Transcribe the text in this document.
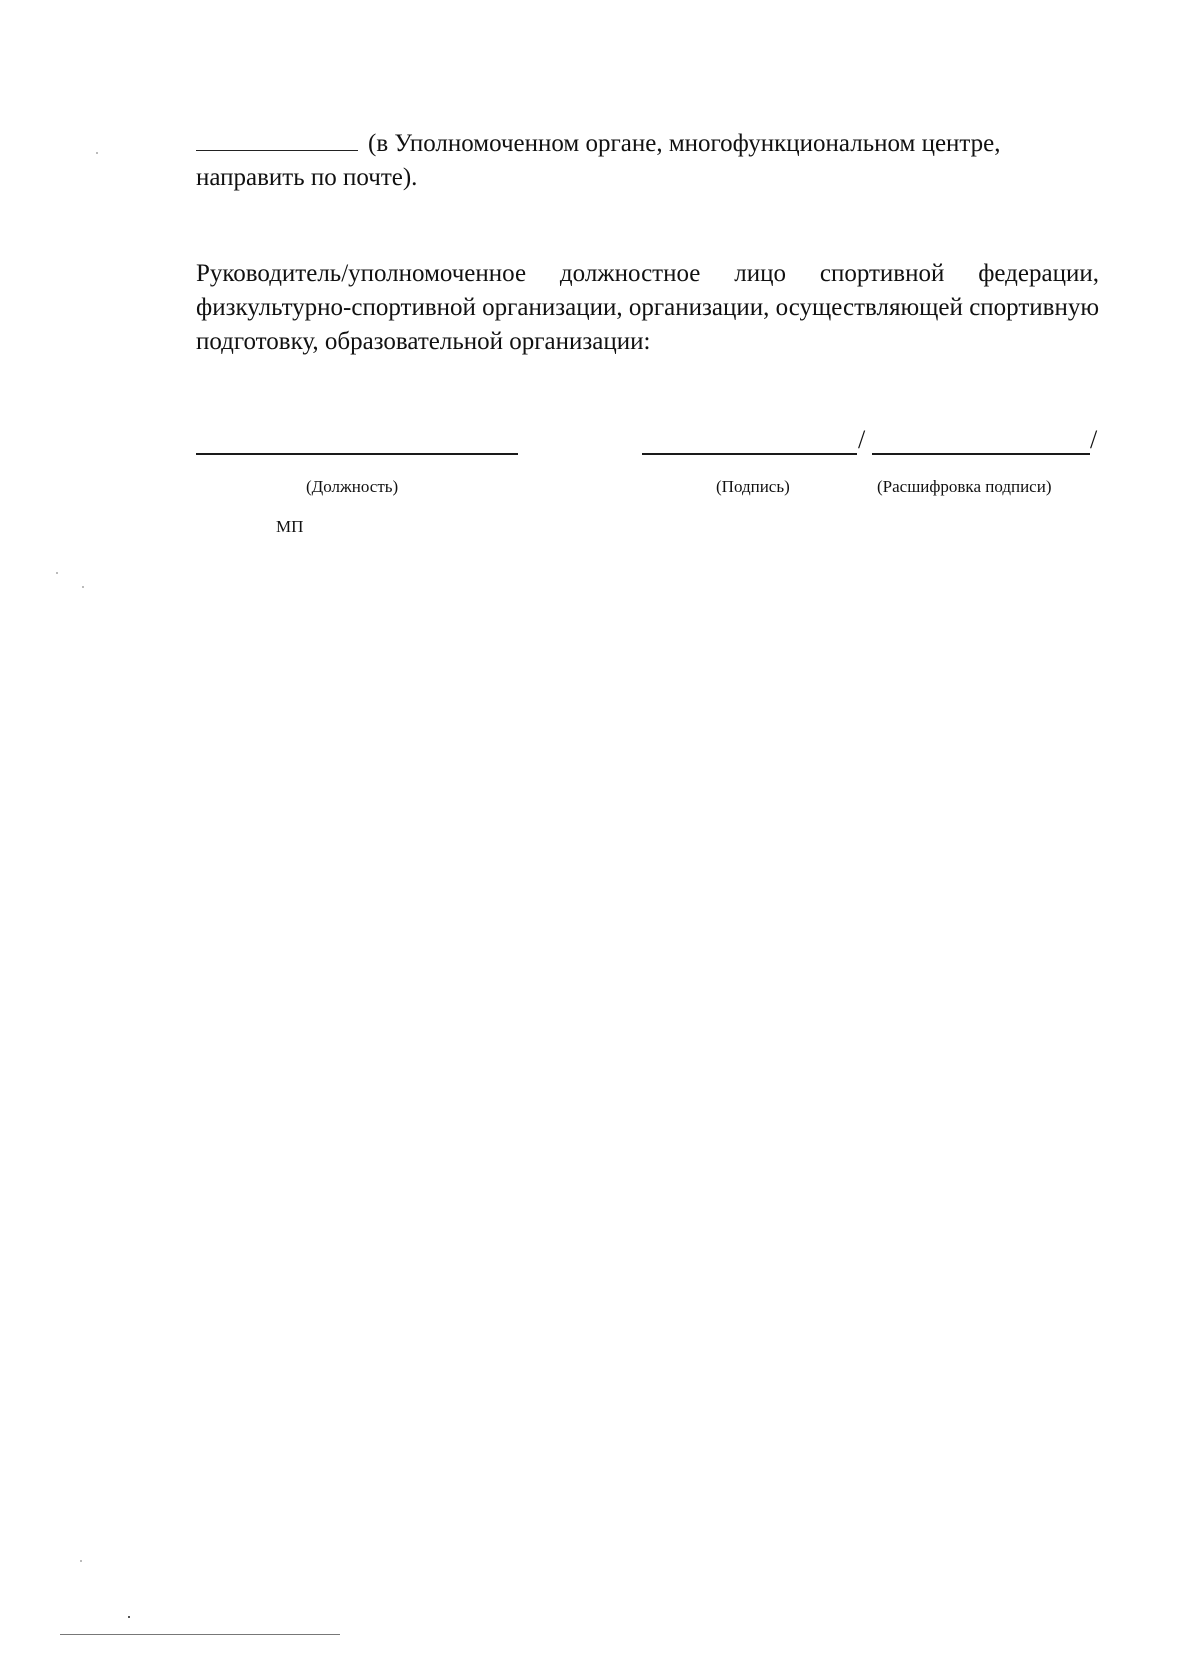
(в Уполномоченном органе, многофункциональном центре,
направить по почте).
Руководитель/уполномоченное должностное лицо спортивной федерации, физкультурно-спортивной организации, организации, осуществляющей спортивную подготовку, образовательной организации:
/	/
(Должность)	(Подпись)	(Расшифровка подписи)
МП
